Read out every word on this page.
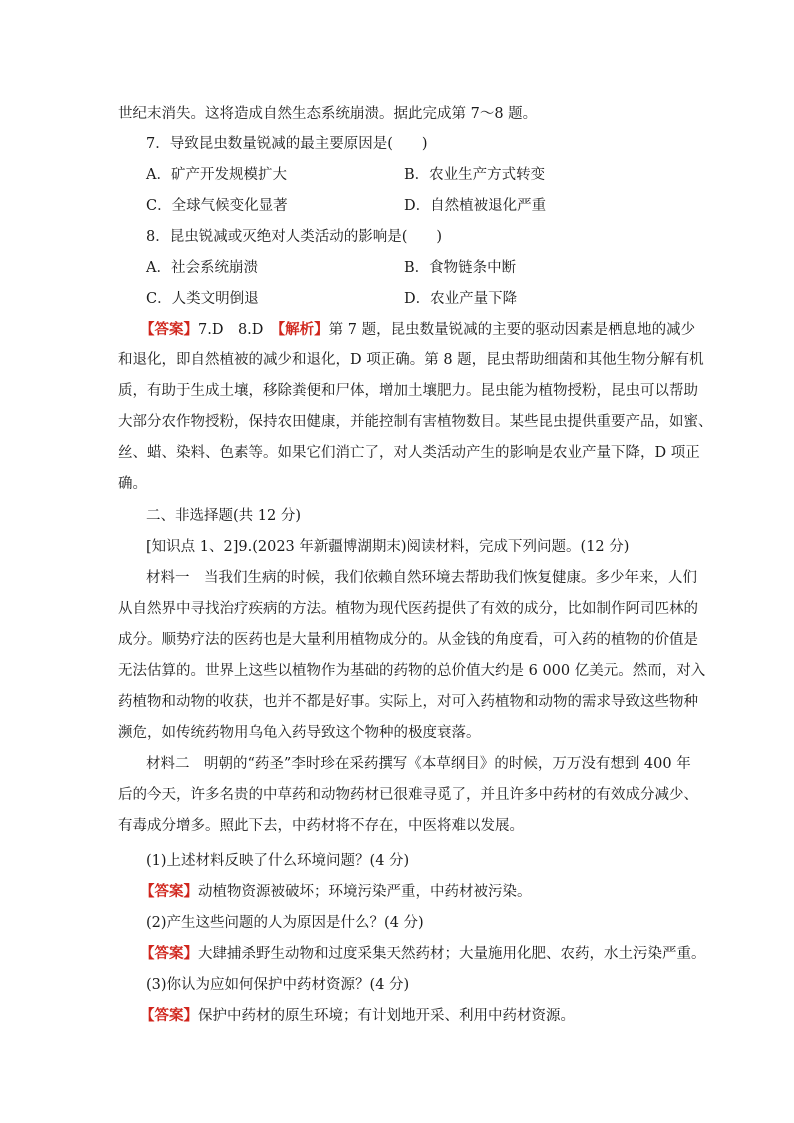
世纪末消失。这将造成自然生态系统崩溃。据此完成第 7～8 题。
7．导致昆虫数量锐减的最主要原因是(　　)
A．矿产开发规模扩大	B．农业生产方式转变
C．全球气候变化显著	D．自然植被退化严重
8．昆虫锐减或灭绝对人类活动的影响是(　　)
A．社会系统崩溃	B．食物链条中断
C．人类文明倒退	D．农业产量下降
【答案】7.D　8.D　【解析】第 7 题，昆虫数量锐减的主要的驱动因素是栖息地的减少
和退化，即自然植被的减少和退化，D 项正确。第 8 题，昆虫帮助细菌和其他生物分解有机
质，有助于生成土壤，移除粪便和尸体，增加土壤肥力。昆虫能为植物授粉，昆虫可以帮助
大部分农作物授粉，保持农田健康，并能控制有害植物数目。某些昆虫提供重要产品，如蜜、
丝、蜡、染料、色素等。如果它们消亡了，对人类活动产生的影响是农业产量下降，D 项正
确。
二、非选择题(共 12 分)
[知识点 1、2]9.(2023 年新疆博湖期末)阅读材料，完成下列问题。(12 分)
材料一　当我们生病的时候，我们依赖自然环境去帮助我们恢复健康。多少年来，人们
从自然界中寻找治疗疾病的方法。植物为现代医药提供了有效的成分，比如制作阿司匹林的
成分。顺势疗法的医药也是大量利用植物成分的。从金钱的角度看，可入药的植物的价值是
无法估算的。世界上这些以植物作为基础的药物的总价值大约是 6 000 亿美元。然而，对入
药植物和动物的收获，也并不都是好事。实际上，对可入药植物和动物的需求导致这些物种
濒危，如传统药物用乌龟入药导致这个物种的极度衰落。
材料二　明朝的“药圣”李时珍在采药撰写《本草纲目》的时候，万万没有想到 400 年
后的今天，许多名贵的中草药和动物药材已很难寻觅了，并且许多中药材的有效成分减少、
有毒成分增多。照此下去，中药材将不存在，中医将难以发展。
(1)上述材料反映了什么环境问题？(4 分)
【答案】动植物资源被破坏；环境污染严重，中药材被污染。
(2)产生这些问题的人为原因是什么？(4 分)
【答案】大肆捕杀野生动物和过度采集天然药材；大量施用化肥、农药，水土污染严重。
(3)你认为应如何保护中药材资源？(4 分)
【答案】保护中药材的原生环境；有计划地开采、利用中药材资源。
